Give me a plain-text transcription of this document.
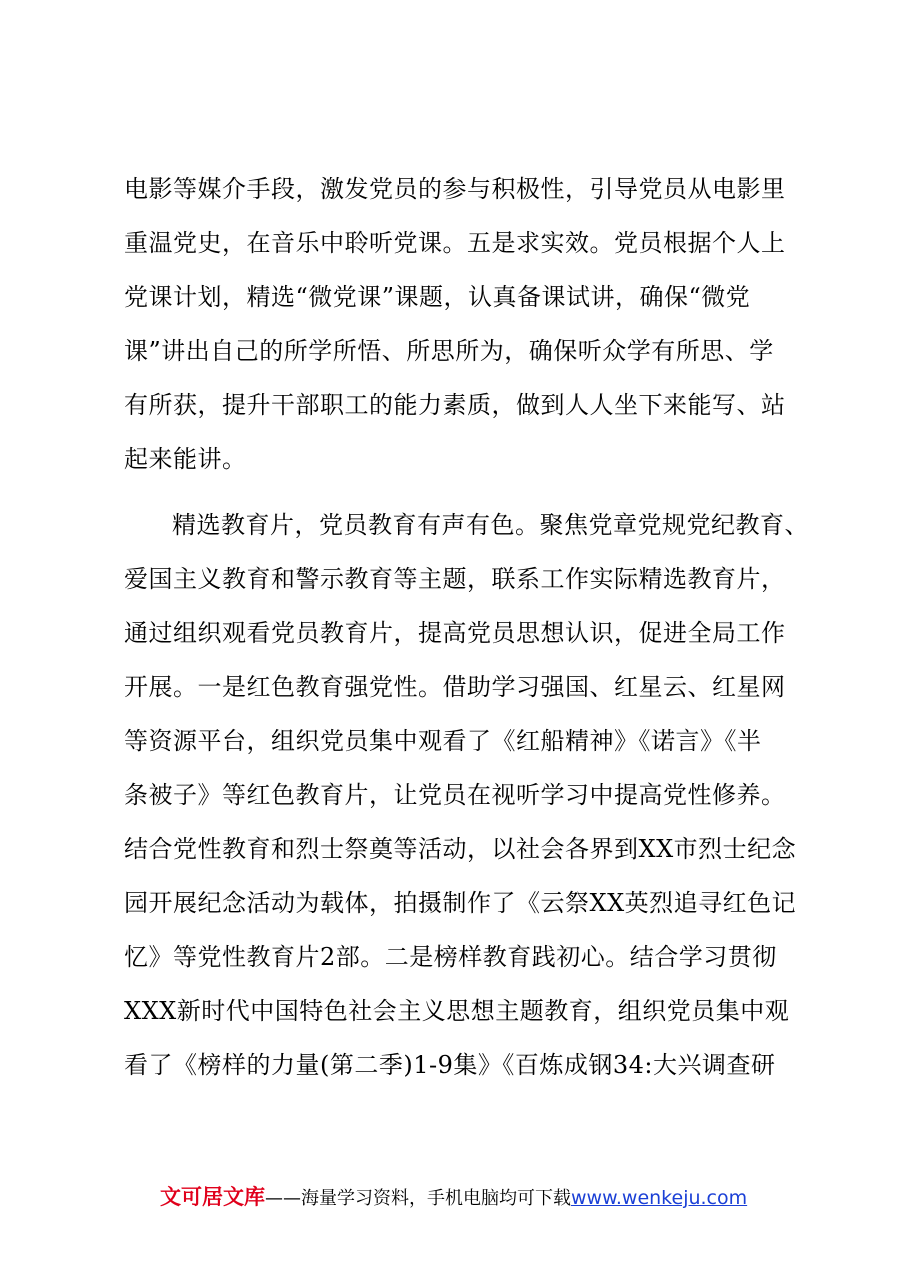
电影等媒介手段，激发党员的参与积极性，引导党员从电影里
重温党史，在音乐中聆听党课。五是求实效。党员根据个人上
党课计划，精选“微党课”课题，认真备课试讲，确保“微党
课”讲出自己的所学所悟、所思所为，确保听众学有所思、学
有所获，提升干部职工的能力素质，做到人人坐下来能写、站
起来能讲。
精选教育片，党员教育有声有色。聚焦党章党规党纪教育、
爱国主义教育和警示教育等主题，联系工作实际精选教育片，
通过组织观看党员教育片，提高党员思想认识，促进全局工作
开展。一是红色教育强党性。借助学习强国、红星云、红星网
等资源平台，组织党员集中观看了《红船精神》《诺言》《半
条被子》等红色教育片，让党员在视听学习中提高党性修养。
结合党性教育和烈士祭奠等活动，以社会各界到XX市烈士纪念
园开展纪念活动为载体，拍摄制作了《云祭XX英烈追寻红色记
忆》等党性教育片2部。二是榜样教育践初心。结合学习贯彻
XXX新时代中国特色社会主义思想主题教育，组织党员集中观
看了《榜样的力量(第二季)1-9集》《百炼成钢34:大兴调查研
文可居文库——海量学习资料，手机电脑均可下载www.wenkeju.com
